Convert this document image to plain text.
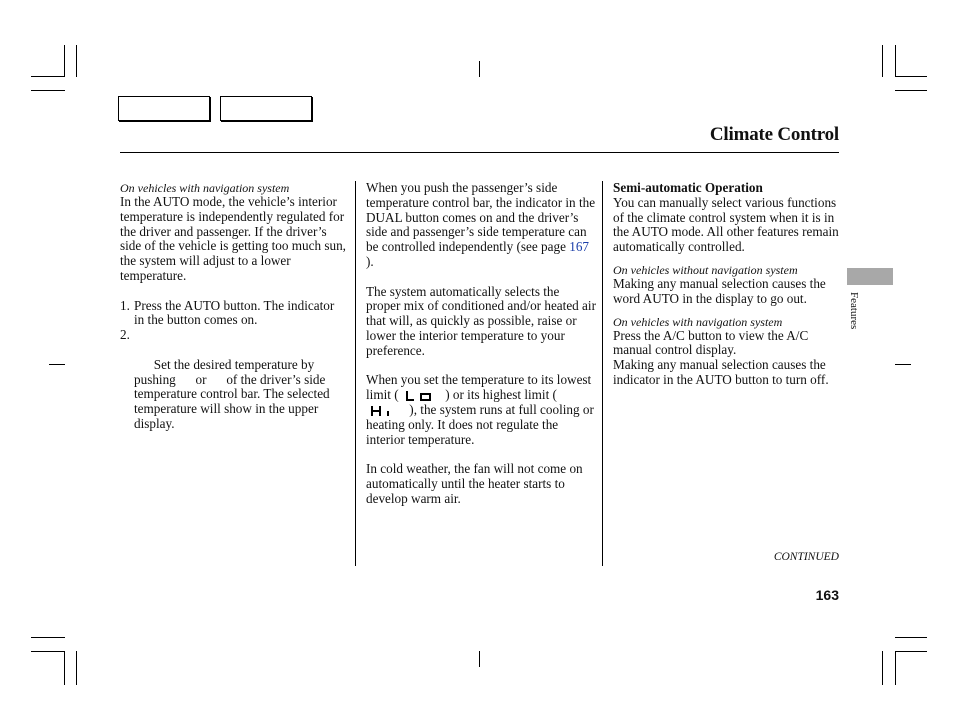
Climate Control

On vehicles with navigation system

In the AUTO mode, the vehicle’s interior temperature is independently regulated for the driver and passenger. If the driver’s side of the vehicle is getting too much sun, the system will adjust to a lower temperature.

1. Press the AUTO button. The indicator in the button comes on.

2.

Set the desired temperature by pushing      or      of the driver’s side temperature control bar. The selected temperature will show in the upper display.

When you push the passenger’s side temperature control bar, the indicator in the DUAL button comes on and the driver’s side and passenger’s side temperature can be controlled independently (see page 167 ).

The system automatically selects the proper mix of conditioned and/or heated air that will, as quickly as possible, raise or lower the interior temperature to your preference.

When you set the temperature to its lowest limit (	) or its highest limit (  ), the system runs at full cooling or heating only. It does not regulate the interior temperature.

In cold weather, the fan will not come on automatically until the heater starts to develop warm air.

Semi-automatic Operation

You can manually select various functions of the climate control system when it is in the AUTO mode. All other features remain automatically controlled.

On vehicles without navigation system

Making any manual selection causes the word AUTO in the display to go out.

On vehicles with navigation system

Press the A/C button to view the A/C manual control display.

Making any manual selection causes the indicator in the AUTO button to turn off.

Features
CONTINUED
163
